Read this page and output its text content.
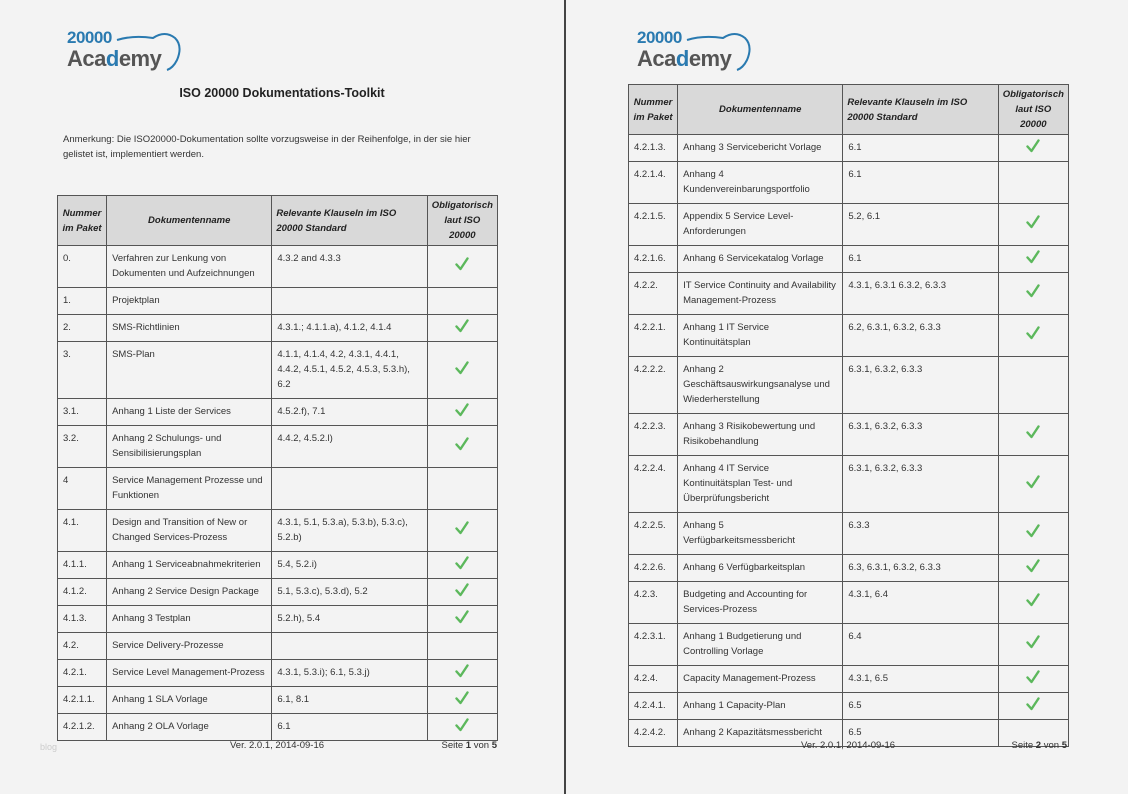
20000
Academy
ISO 20000 Dokumentations-Toolkit
Anmerkung: Die ISO20000-Dokumentation sollte vorzugsweise in der Reihenfolge, in der sie hier gelistet ist, implementiert werden.
Nummer im Paket	Dokumentenname	Relevante Klauseln im ISO 20000 Standard	Obligatorisch laut ISO 20000
0.	Verfahren zur Lenkung von Dokumenten und Aufzeichnungen	4.3.2 and 4.3.3	
1.	Projektplan		
2.	SMS-Richtlinien	4.3.1.; 4.1.1.a), 4.1.2, 4.1.4	
3.	SMS-Plan	4.1.1, 4.1.4, 4.2, 4.3.1, 4.4.1, 4.4.2, 4.5.1, 4.5.2, 4.5.3, 5.3.h), 6.2	
3.1.	Anhang 1 Liste der Services	4.5.2.f), 7.1	
3.2.	Anhang 2 Schulungs- und Sensibilisierungsplan	4.4.2, 4.5.2.l)	
4	Service Management Prozesse und Funktionen		
4.1.	Design and Transition of New or Changed Services-Prozess	4.3.1, 5.1, 5.3.a), 5.3.b), 5.3.c), 5.2.b)	
4.1.1.	Anhang 1 Serviceabnahmekriterien	5.4, 5.2.i)	
4.1.2.	Anhang 2 Service Design Package	5.1, 5.3.c), 5.3.d), 5.2	
4.1.3.	Anhang 3 Testplan	5.2.h), 5.4	
4.2.	Service Delivery-Prozesse		
4.2.1.	Service Level Management-Prozess	4.3.1, 5.3.i); 6.1, 5.3.j)	
4.2.1.1.	Anhang 1 SLA Vorlage	6.1, 8.1	
4.2.1.2.	Anhang 2 OLA Vorlage	6.1	
blog	Ver. 2.0.1, 2014-09-16	Seite 1 von 5
20000
Academy
Nummer im Paket	Dokumentenname	Relevante Klauseln im ISO 20000 Standard	Obligatorisch laut ISO 20000
4.2.1.3.	Anhang 3 Servicebericht Vorlage	6.1	
4.2.1.4.	Anhang 4 Kundenvereinbarungsportfolio	6.1	
4.2.1.5.	Appendix 5 Service Level-Anforderungen	5.2, 6.1	
4.2.1.6.	Anhang 6 Servicekatalog Vorlage	6.1	
4.2.2.	IT Service Continuity and Availability Management-Prozess	4.3.1, 6.3.1 6.3.2, 6.3.3	
4.2.2.1.	Anhang 1 IT Service Kontinuitätsplan	6.2, 6.3.1, 6.3.2, 6.3.3	
4.2.2.2.	Anhang 2 Geschäftsauswirkungsanalyse und Wiederherstellung	6.3.1, 6.3.2, 6.3.3	
4.2.2.3.	Anhang 3 Risikobewertung und Risikobehandlung	6.3.1, 6.3.2, 6.3.3	
4.2.2.4.	Anhang 4 IT Service Kontinuitätsplan Test- und Überprüfungsbericht	6.3.1, 6.3.2, 6.3.3	
4.2.2.5.	Anhang 5 Verfügbarkeitsmessbericht	6.3.3	
4.2.2.6.	Anhang 6 Verfügbarkeitsplan	6.3, 6.3.1, 6.3.2, 6.3.3	
4.2.3.	Budgeting and Accounting for Services-Prozess	4.3.1, 6.4	
4.2.3.1.	Anhang 1 Budgetierung und Controlling Vorlage	6.4	
4.2.4.	Capacity Management-Prozess	4.3.1, 6.5	
4.2.4.1.	Anhang 1 Capacity-Plan	6.5	
4.2.4.2.	Anhang 2 Kapazitätsmessbericht	6.5	
Ver. 2.0.1, 2014-09-16	Seite 2 von 5
